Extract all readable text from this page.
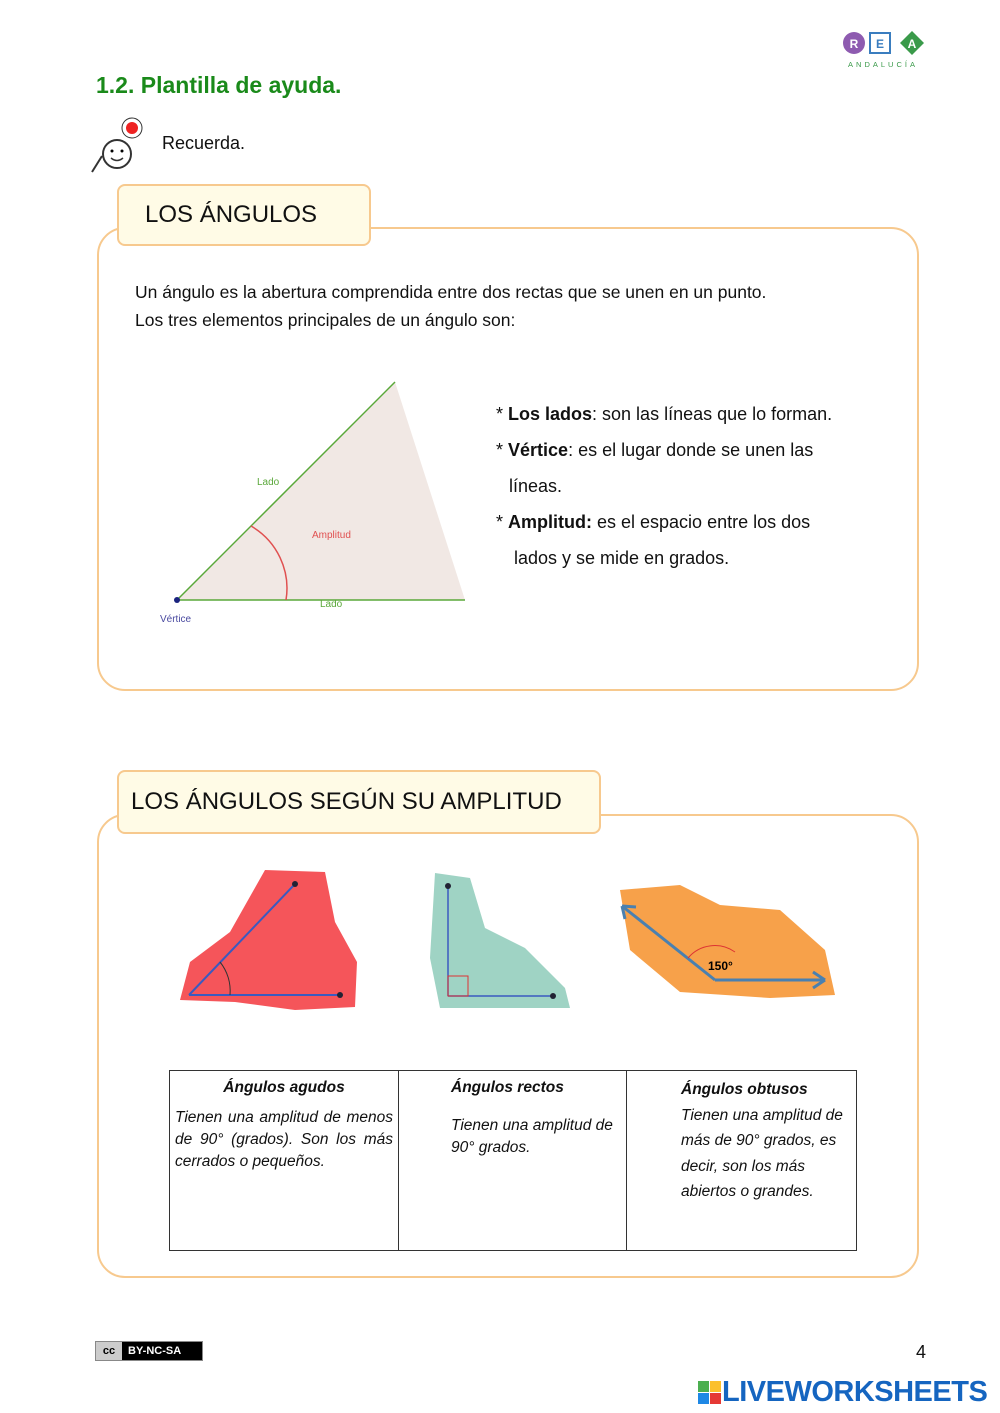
R E A
ANDALUCÍA
1.2. Plantilla de ayuda.
Recuerda.
LOS ÁNGULOS
Un ángulo es la abertura comprendida entre dos rectas que se unen en un punto.
Los tres elementos principales de un ángulo son:
Lado
Lado
Amplitud
Vértice
* Los lados: son las líneas que lo forman.
* Vértice: es el lugar donde se unen las
líneas.
* Amplitud: es el espacio entre los dos
lados y se mide en grados.
LOS ÁNGULOS SEGÚN SU AMPLITUD
150°
Ángulos agudos
Tienen una amplitud de menos de 90° (grados). Son los más cerrados o pequeños.	
Ángulos rectos
Tienen una amplitud de 90° grados.

Ángulos obtusos
Tienen una amplitud de más de 90° grados, es decir, son los más abiertos o grandes.
cc	BY-NC-SA	4
LIVEWORKSHEETS
